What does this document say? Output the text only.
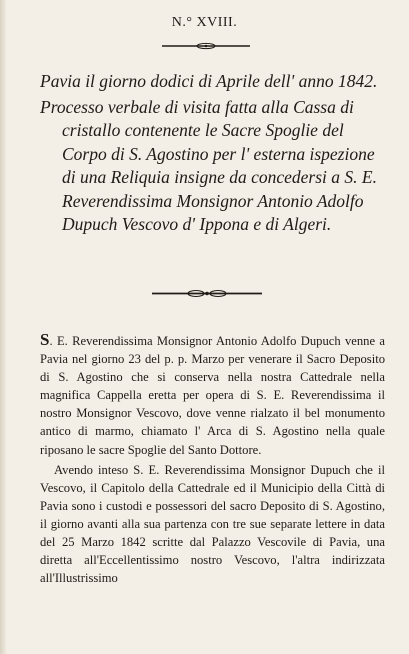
N.° XVIII.

Pavia il giorno dodici di Aprile dell' anno 1842.

Processo verbale di visita fatta alla Cassa di cristallo contenente le Sacre Spoglie del Corpo di S. Agostino per l' esterna ispezione di una Reliquia insigne da concedersi a S. E. Reverendissima Monsignor Antonio Adolfo Dupuch Vescovo d' Ippona e di Algeri.

S. E. Reverendissima Monsignor Antonio Adolfo Dupuch venne a Pavia nel giorno 23 del p. p. Marzo per venerare il Sacro Deposito di S. Agostino che si conserva nella nostra Cattedrale nella magnifica Cappella eretta per opera di S. E. Reverendissima il nostro Monsignor Vescovo, dove venne rialzato il bel monumento antico di marmo, chiamato l' Arca di S. Agostino nella quale riposano le sacre Spoglie del Santo Dottore.

Avendo inteso S. E. Reverendissima Monsignor Dupuch che il Vescovo, il Capitolo della Cattedrale ed il Municipio della Città di Pavia sono i custodi e possessori del sacro Deposito di S. Agostino, il giorno avanti alla sua partenza con tre sue separate lettere in data del 25 Marzo 1842 scritte dal Palazzo Vescovile di Pavia, una diretta all'Eccellentissimo nostro Vescovo, l'altra indirizzata all'Illustrissimo
